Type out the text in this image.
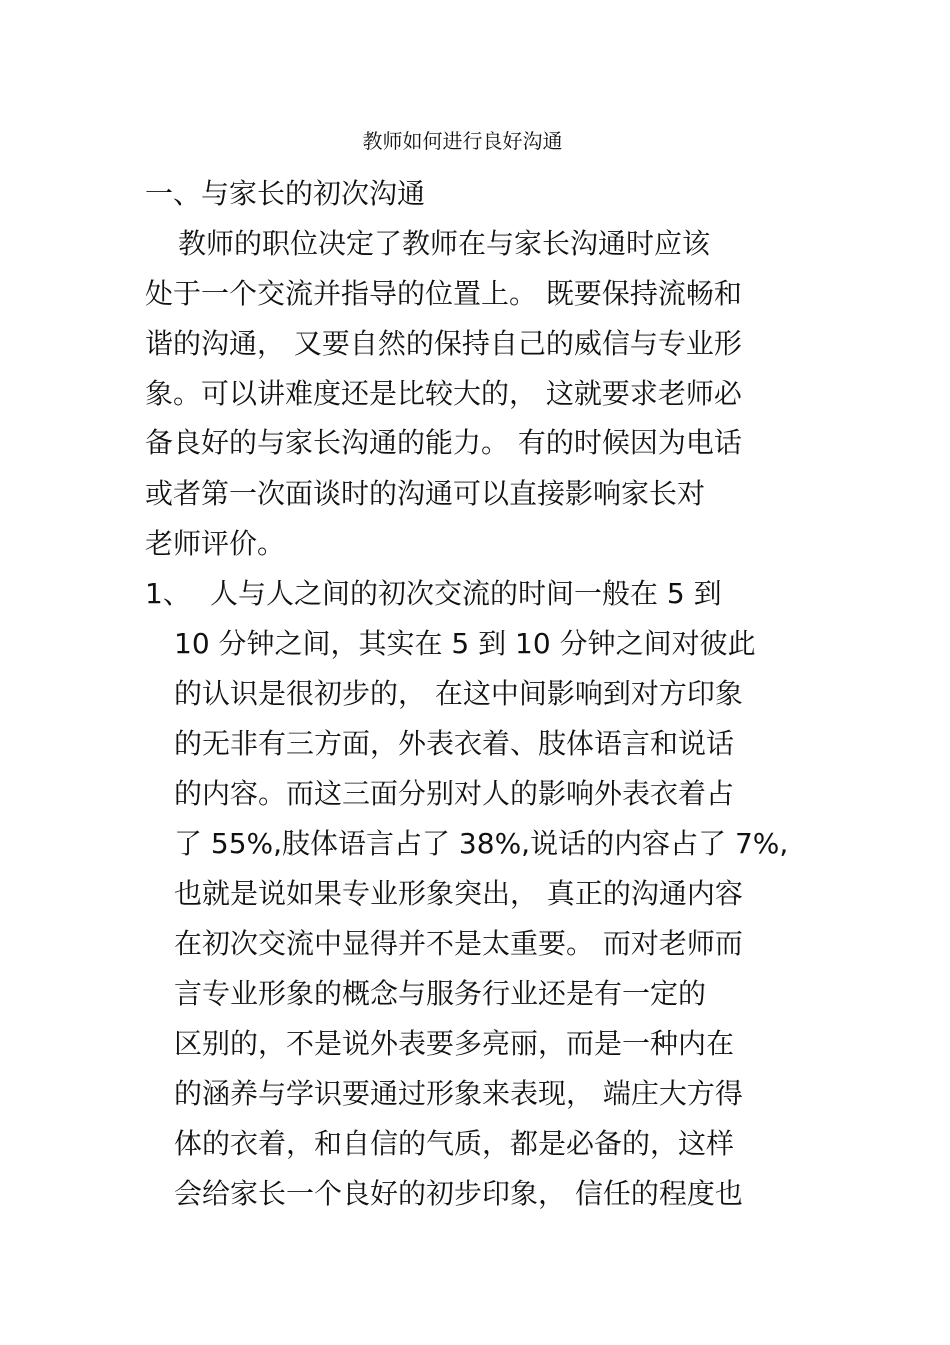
教师如何进行良好沟通
一、与家长的初次沟通
教师的职位决定了教师在与家长沟通时应该
处于一个交流并指导的位置上。 既要保持流畅和
谐的沟通， 又要自然的保持自己的威信与专业形
象。可以讲难度还是比较大的， 这就要求老师必
备良好的与家长沟通的能力。 有的时候因为电话
或者第一次面谈时的沟通可以直接影响家长对
老师评价。
1、 人与人之间的初次交流的时间一般在 5 到
10 分钟之间，其实在 5 到 10 分钟之间对彼此
的认识是很初步的， 在这中间影响到对方印象
的无非有三方面，外表衣着、肢体语言和说话
的内容。而这三面分别对人的影响外表衣着占
了 55%,肢体语言占了 38%,说话的内容占了 7%,
也就是说如果专业形象突出， 真正的沟通内容
在初次交流中显得并不是太重要。 而对老师而
言专业形象的概念与服务行业还是有一定的
区别的，不是说外表要多亮丽，而是一种内在
的涵养与学识要通过形象来表现， 端庄大方得
体的衣着，和自信的气质，都是必备的，这样
会给家长一个良好的初步印象， 信任的程度也
